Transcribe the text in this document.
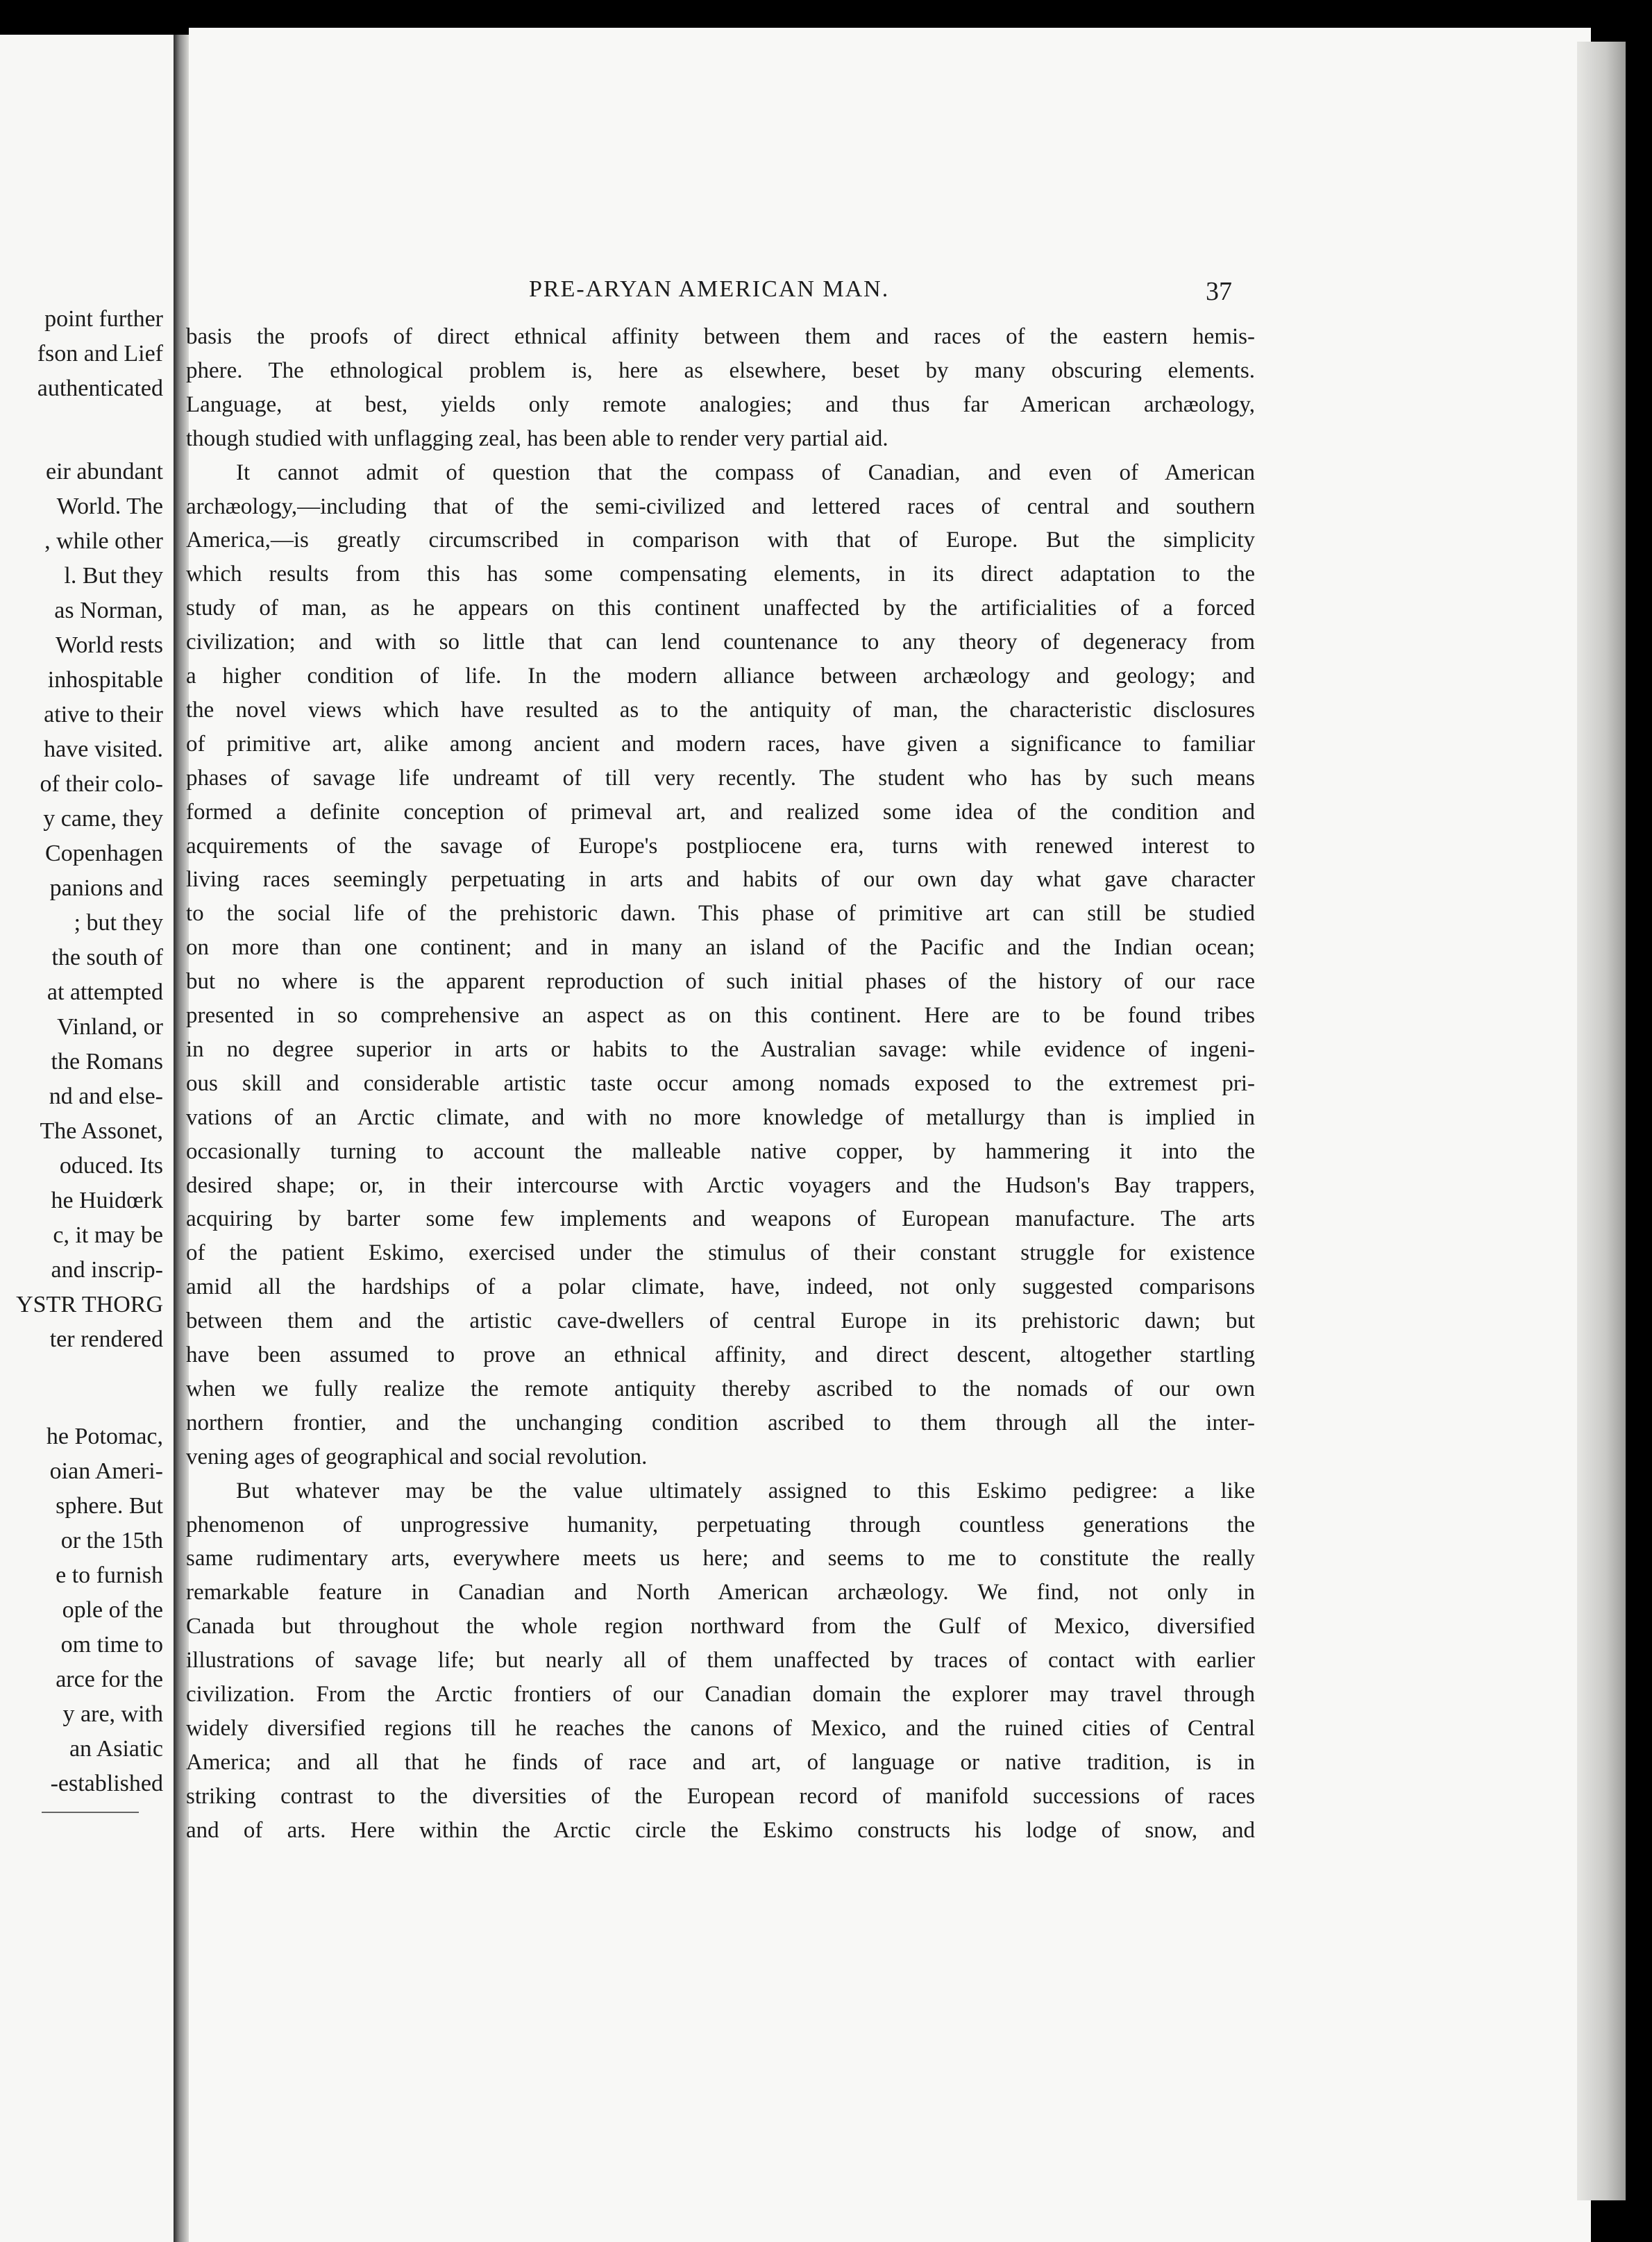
point further
fson and Lief
authenticated
eir abundant
World. The
, while other
l. But they
as Norman,
World rests
inhospitable
ative to their
have visited.
of their colo-
y came, they
Copenhagen
panions and
; but they
the south of
at attempted
Vinland, or
the Romans
nd and else-
The Assonet,
oduced. Its
he Huidœrk
c, it may be
and inscrip-
YSTR THORG
ter rendered
he Potomac,
oian Ameri-
sphere. But
or the 15th
e to furnish
ople of the
om time to
arce for the
y are, with
an Asiatic
-established
PRE-ARYAN AMERICAN MAN.	37
basis the proofs of direct ethnical affinity between them and races of the eastern hemis-
phere. The ethnological problem is, here as elsewhere, beset by many obscuring elements.
Language, at best, yields only remote analogies; and thus far American archæology,
though studied with unflagging zeal, has been able to render very partial aid.
It cannot admit of question that the compass of Canadian, and even of American
archæology,—including that of the semi-civilized and lettered races of central and southern
America,—is greatly circumscribed in comparison with that of Europe. But the simplicity
which results from this has some compensating elements, in its direct adaptation to the
study of man, as he appears on this continent unaffected by the artificialities of a forced
civilization; and with so little that can lend countenance to any theory of degeneracy from
a higher condition of life. In the modern alliance between archæology and geology; and
the novel views which have resulted as to the antiquity of man, the characteristic disclosures
of primitive art, alike among ancient and modern races, have given a significance to familiar
phases of savage life undreamt of till very recently. The student who has by such means
formed a definite conception of primeval art, and realized some idea of the condition and
acquirements of the savage of Europe's postpliocene era, turns with renewed interest to
living races seemingly perpetuating in arts and habits of our own day what gave character
to the social life of the prehistoric dawn. This phase of primitive art can still be studied
on more than one continent; and in many an island of the Pacific and the Indian ocean;
but no where is the apparent reproduction of such initial phases of the history of our race
presented in so comprehensive an aspect as on this continent. Here are to be found tribes
in no degree superior in arts or habits to the Australian savage: while evidence of ingeni-
ous skill and considerable artistic taste occur among nomads exposed to the extremest pri-
vations of an Arctic climate, and with no more knowledge of metallurgy than is implied in
occasionally turning to account the malleable native copper, by hammering it into the
desired shape; or, in their intercourse with Arctic voyagers and the Hudson's Bay trappers,
acquiring by barter some few implements and weapons of European manufacture. The arts
of the patient Eskimo, exercised under the stimulus of their constant struggle for existence
amid all the hardships of a polar climate, have, indeed, not only suggested comparisons
between them and the artistic cave-dwellers of central Europe in its prehistoric dawn; but
have been assumed to prove an ethnical affinity, and direct descent, altogether startling
when we fully realize the remote antiquity thereby ascribed to the nomads of our own
northern frontier, and the unchanging condition ascribed to them through all the inter-
vening ages of geographical and social revolution.
But whatever may be the value ultimately assigned to this Eskimo pedigree: a like
phenomenon of unprogressive humanity, perpetuating through countless generations the
same rudimentary arts, everywhere meets us here; and seems to me to constitute the really
remarkable feature in Canadian and North American archæology. We find, not only in
Canada but throughout the whole region northward from the Gulf of Mexico, diversified
illustrations of savage life; but nearly all of them unaffected by traces of contact with earlier
civilization. From the Arctic frontiers of our Canadian domain the explorer may travel through
widely diversified regions till he reaches the canons of Mexico, and the ruined cities of Central
America; and all that he finds of race and art, of language or native tradition, is in
striking contrast to the diversities of the European record of manifold successions of races
and of arts. Here within the Arctic circle the Eskimo constructs his lodge of snow, and
